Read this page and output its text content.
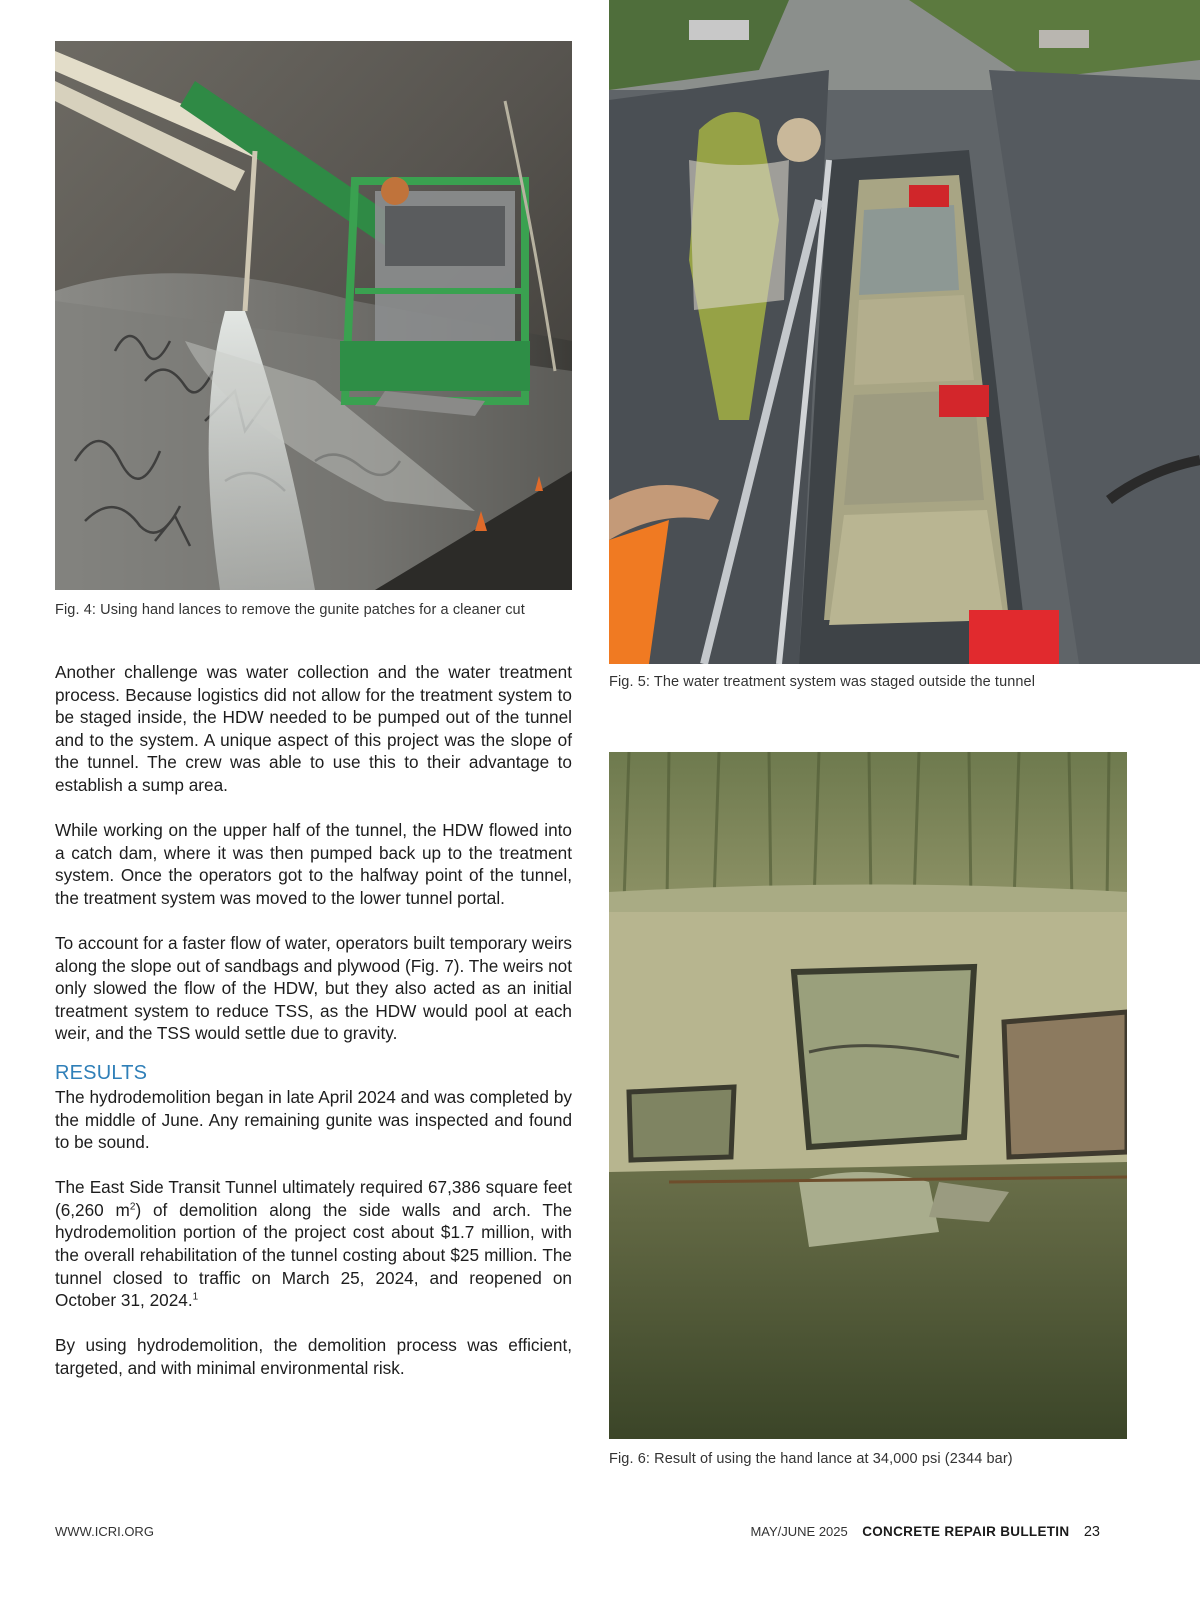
Fig. 4: Using hand lances to remove the gunite patches for a cleaner cut
Fig. 5: The water treatment system was staged outside the tunnel
Fig. 6: Result of using the hand lance at 34,000 psi (2344 bar)

Another challenge was water collection and the water treatment process. Because logistics did not allow for the treatment system to be staged inside, the HDW needed to be pumped out of the tunnel and to the system. A unique aspect of this project was the slope of the tunnel. The crew was able to use this to their advantage to establish a sump area.

While working on the upper half of the tunnel, the HDW flowed into a catch dam, where it was then pumped back up to the treatment system. Once the operators got to the halfway point of the tunnel, the treatment system was moved to the lower tunnel portal.

To account for a faster flow of water, operators built temporary weirs along the slope out of sandbags and plywood (Fig. 7). The weirs not only slowed the flow of the HDW, but they also acted as an initial treatment system to reduce TSS, as the HDW would pool at each weir, and the TSS would settle due to gravity.

RESULTS

The hydrodemolition began in late April 2024 and was completed by the middle of June. Any remaining gunite was inspected and found to be sound.

The East Side Transit Tunnel ultimately required 67,386 square feet (6,260 $m^2$) of demolition along the side walls and arch. The hydrodemolition portion of the project cost about $1.7 million, with the overall rehabilitation of the tunnel costing about $25 million. The tunnel closed to traffic on March 25, 2024, and reopened on October 31, 2024.$^1$

By using hydrodemolition, the demolition process was efficient, targeted, and with minimal environmental risk.

WWW.ICRI.ORG	MAY/JUNE 2025 CONCRETE REPAIR BULLETIN 23
